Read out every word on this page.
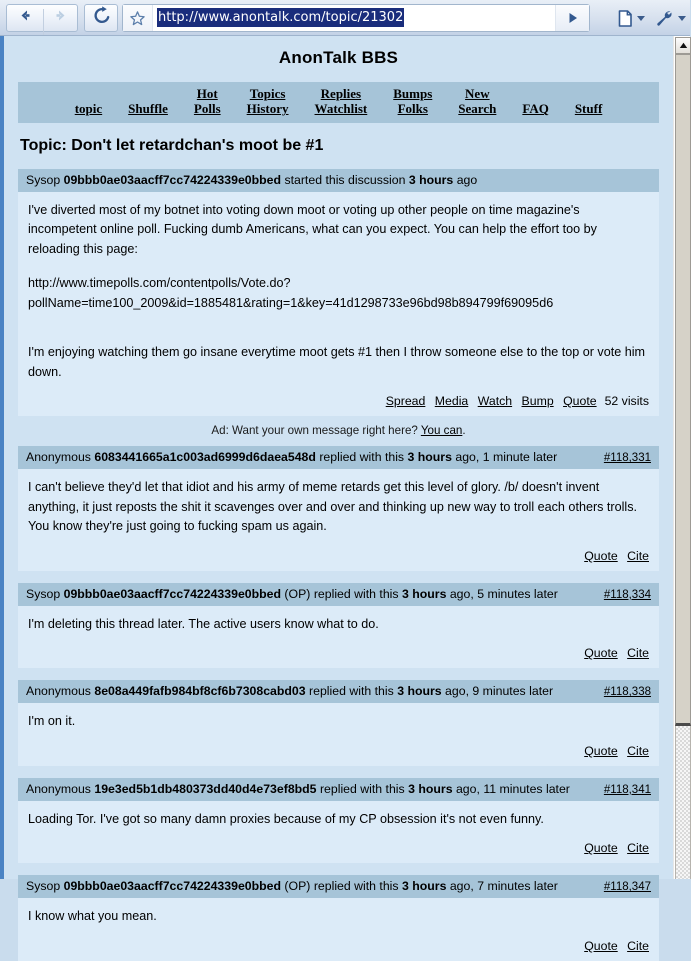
http://www.anontalk.com/topic/21302
AnonTalk BBS

topic
Shuffle
Hot
Polls
Topics
History
Replies
Watchlist
Bumps
Folks
New
Search
FAQ
Stuff
Topic: Don't let retardchan's moot be #1
Sysop 09bbb0ae03aacff7cc74224339e0bbed started this discussion 3 hours ago

I've diverted most of my botnet into voting down moot or voting up other people on time magazine's incompetent online poll. Fucking dumb Americans, what can you expect. You can help the effort too by reloading this page:

http://www.timepolls.com/contentpolls/Vote.do?

pollName=time100_2009&id=1885481&rating=1&key=41d1298733e96bd98b894799f69095d6

I'm enjoying watching them go insane everytime moot gets #1 then I throw someone else to the top or vote him down.

Spread Media Watch Bump Quote 52 visits
Ad: Want your own message right here? You can.
Anonymous 6083441665a1c003ad6999d6daea548d replied with this 3 hours ago, 1 minute later	#118,331

I can't believe they'd let that idiot and his army of meme retards get this level of glory. /b/ doesn't invent anything, it just reposts the shit it scavenges over and over and thinking up new way to troll each others trolls. You know they're just going to fucking spam us again.

Quote Cite
Sysop 09bbb0ae03aacff7cc74224339e0bbed (OP) replied with this 3 hours ago, 5 minutes later	#118,334

I'm deleting this thread later. The active users know what to do.

Quote Cite
Anonymous 8e08a449fafb984bf8cf6b7308cabd03 replied with this 3 hours ago, 9 minutes later	#118,338

I'm on it.

Quote Cite
Anonymous 19e3ed5b1db480373dd40d4e73ef8bd5 replied with this 3 hours ago, 11 minutes later	#118,341

Loading Tor. I've got so many damn proxies because of my CP obsession it's not even funny.

Quote Cite
Sysop 09bbb0ae03aacff7cc74224339e0bbed (OP) replied with this 3 hours ago, 7 minutes later	#118,347

I know what you mean.

Quote Cite
